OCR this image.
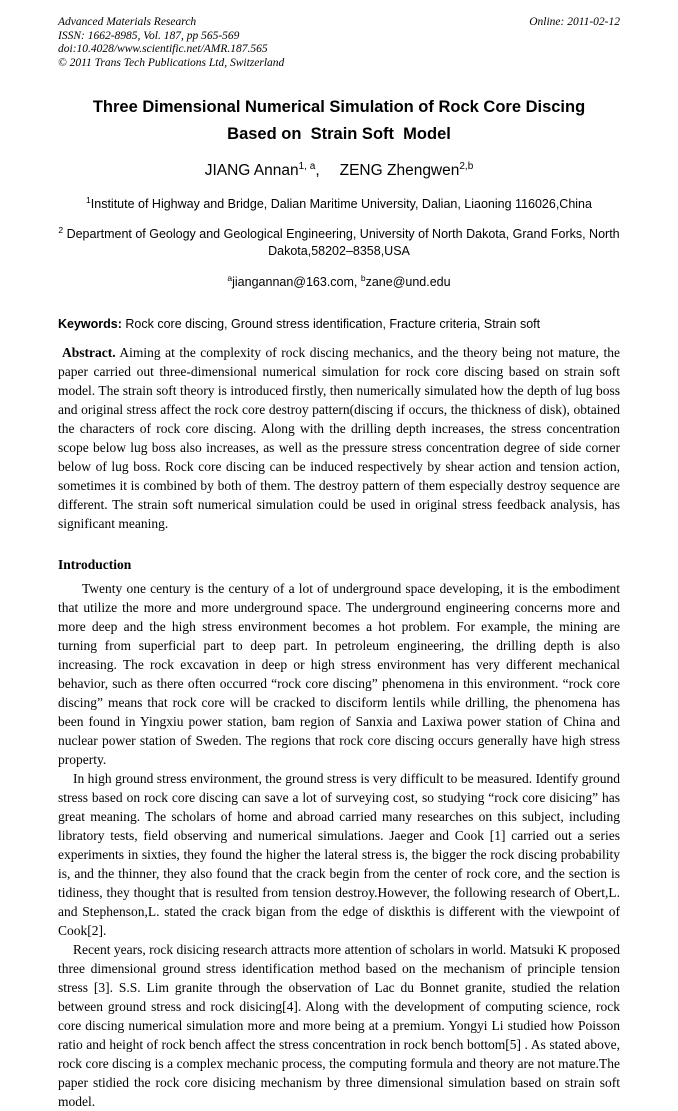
Advanced Materials Research
ISSN: 1662-8985, Vol. 187, pp 565-569
doi:10.4028/www.scientific.net/AMR.187.565
© 2011 Trans Tech Publications Ltd, Switzerland
Online: 2011-02-12
Three Dimensional Numerical Simulation of Rock Core Discing
Based on  Strain Soft  Model
JIANG Annan$^{1, a}$, ZENG Zhengwen$^{2,b}$
$^1$Institute of Highway and Bridge, Dalian Maritime University, Dalian, Liaoning 116026,China
$^2$ Department of Geology and Geological Engineering, University of North Dakota, Grand Forks, North Dakota,58202–8358,USA
$^a$jiangannan@163.com, $^b$zane@und.edu
Keywords: Rock core discing, Ground stress identification, Fracture criteria, Strain soft

Abstract. Aiming at the complexity of rock discing mechanics, and the theory being not mature, the paper carried out three-dimensional numerical simulation for rock core discing based on strain soft model. The strain soft theory is introduced firstly, then numerically simulated how the depth of lug boss and original stress affect the rock core destroy pattern(discing if occurs, the thickness of disk), obtained the characters of rock core discing. Along with the drilling depth increases, the stress concentration scope below lug boss also increases, as well as the pressure stress concentration degree of side corner below of lug boss. Rock core discing can be induced respectively by shear action and tension action, sometimes it is combined by both of them. The destroy pattern of them especially destroy sequence are different. The strain soft numerical simulation could be used in original stress feedback analysis, has significant meaning.

Introduction

Twenty one century is the century of a lot of underground space developing, it is the embodiment that utilize the more and more underground space. The underground engineering concerns more and more deep and the high stress environment becomes a hot problem. For example, the mining are turning from superficial part to deep part. In petroleum engineering, the drilling depth is also increasing. The rock excavation in deep or high stress environment has very different mechanical behavior, such as there often occurred “rock core discing” phenomena in this environment. “rock core discing” means that rock core will be cracked to disciform lentils while drilling, the phenomena has been found in Yingxiu power station, bam region of Sanxia and Laxiwa power station of China and nuclear power station of Sweden. The regions that rock core discing occurs generally have high stress property.

In high ground stress environment, the ground stress is very difficult to be measured. Identify ground stress based on rock core discing can save a lot of surveying cost, so studying “rock core disicing” has great meaning. The scholars of home and abroad carried many researches on this subject, including libratory tests, field observing and numerical simulations. Jaeger and Cook [1] carried out a series experiments in sixties, they found the higher the lateral stress is, the bigger the rock discing probability is, and the thinner, they also found that the crack begin from the center of rock core, and the section is tidiness, they thought that is resulted from tension destroy.However, the following research of Obert,L. and Stephenson,L. stated the crack bigan from the edge of diskthis is different with the viewpoint of Cook[2].

Recent years, rock disicing research attracts more attention of scholars in world. Matsuki K proposed three dimensional ground stress identification method based on the mechanism of principle tension stress [3]. S.S. Lim granite through the observation of Lac du Bonnet granite, studied the relation between ground stress and rock disicing[4]. Along with the development of computing science, rock core discing numerical simulation more and more being at a premium. Yongyi Li studied how Poisson ratio and height of rock bench affect the stress concentration in rock bench bottom[5] . As stated above, rock core discing is a complex mechanic process, the computing formula and theory are not mature.The paper stidied the rock core disicing mechanism by three dimensional simulation based on strain soft model.
